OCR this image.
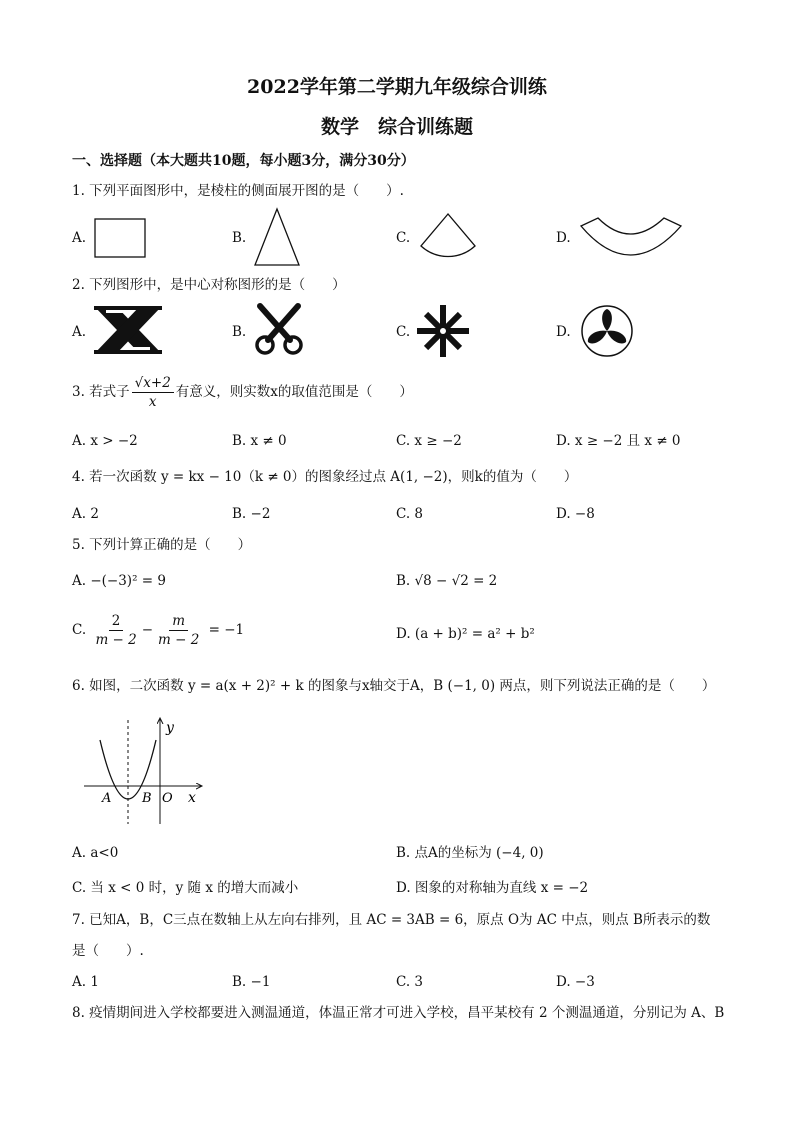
2022学年第二学期九年级综合训练
数学　综合训练题
一、选择题（本大题共10题，每小题3分，满分30分）
1. 下列平面图形中，是棱柱的侧面展开图的是（　　）.
A.	B.	C.	D.
2. 下列图形中，是中心对称图形的是（　　）
A.	B.	C.	D.
3. 若式子 $\frac{√x+2}{x}$ 有意义，则实数x的取值范围是（　　）
A. x > −2	B. x ≠ 0	C. x ≥ −2	D. x ≥ −2 且 x ≠ 0
4. 若一次函数 y = kx − 10（k ≠ 0）的图象经过点 A(1, −2)，则k的值为（　　）
A. 2	B. −2	C. 8	D. −8
5. 下列计算正确的是（　　）
A. −(−3)² = 9	B. √8 − √2 = 2
C. $\frac{2}{m - 2} - \frac{m}{m - 2} = -1$	D. (a + b)² = a² + b²
6. 如图，二次函数 y = a(x + 2)² + k 的图象与x轴交于A，B (−1, 0) 两点，则下列说法正确的是（　　）
y
x
A B O
A. a<0	B. 点A的坐标为 (−4, 0)
C. 当 x < 0 时，y 随 x 的增大而减小	D. 图象的对称轴为直线 x = −2
7. 已知A，B，C三点在数轴上从左向右排列，且 AC = 3AB = 6，原点 O为 AC 中点，则点 B所表示的数
是（　　）.
A. 1	B. −1	C. 3	D. −3
8. 疫情期间进入学校都要进入测温通道，体温正常才可进入学校，昌平某校有 2 个测温通道，分别记为 A、B
